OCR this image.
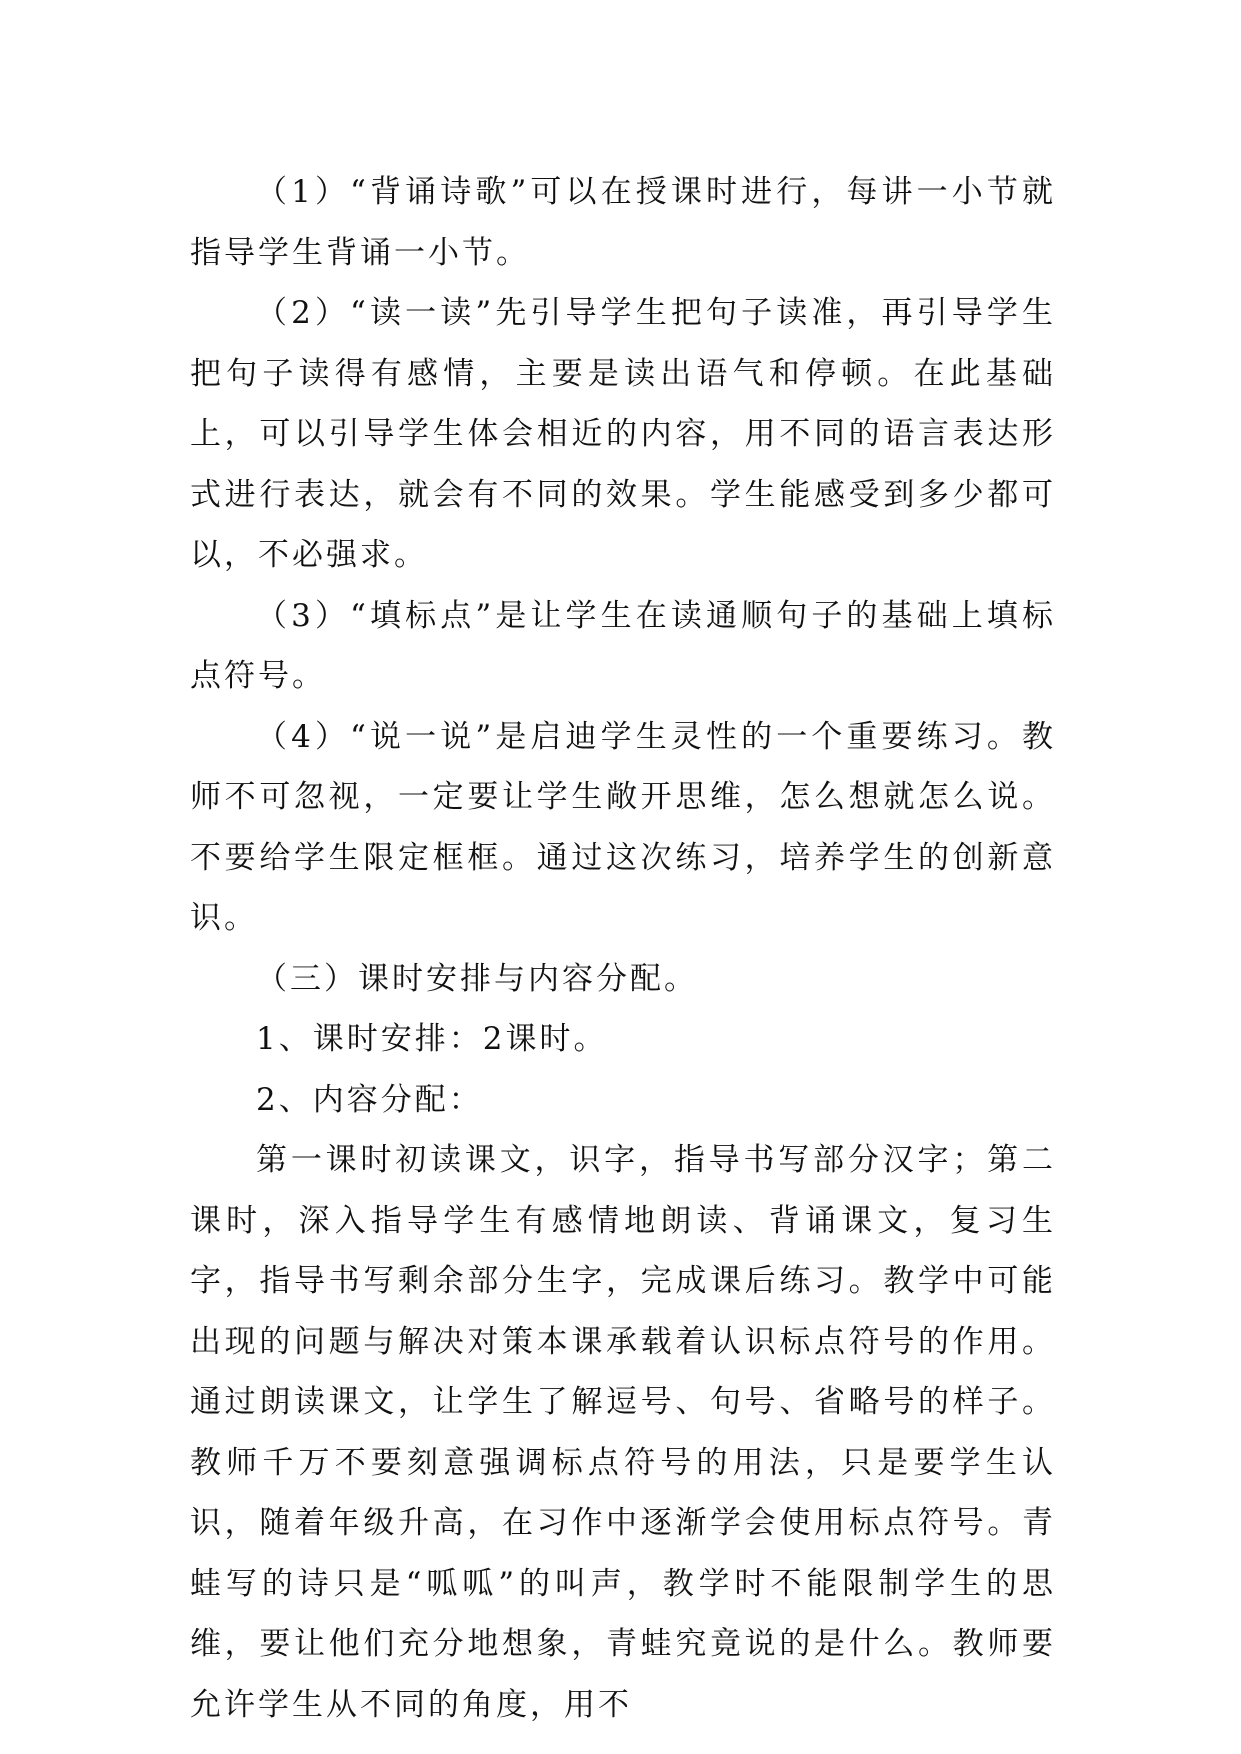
（1）“背诵诗歌”可以在授课时进行，每讲一小节就指导学生背诵一小节。

（2）“读一读”先引导学生把句子读准，再引导学生把句子读得有感情，主要是读出语气和停顿。在此基础上，可以引导学生体会相近的内容，用不同的语言表达形式进行表达，就会有不同的效果。学生能感受到多少都可以，不必强求。

（3）“填标点”是让学生在读通顺句子的基础上填标点符号。

（4）“说一说”是启迪学生灵性的一个重要练习。教师不可忽视，一定要让学生敞开思维，怎么想就怎么说。不要给学生限定框框。通过这次练习，培养学生的创新意识。

（三）课时安排与内容分配。

1、课时安排：2课时。

2、内容分配：

第一课时初读课文，识字，指导书写部分汉字；第二课时，深入指导学生有感情地朗读、背诵课文，复习生字，指导书写剩余部分生字，完成课后练习。教学中可能出现的问题与解决对策本课承载着认识标点符号的作用。通过朗读课文，让学生了解逗号、句号、省略号的样子。教师千万不要刻意强调标点符号的用法，只是要学生认识，随着年级升高，在习作中逐渐学会使用标点符号。青蛙写的诗只是“呱呱”的叫声，教学时不能限制学生的思维，要让他们充分地想象，青蛙究竟说的是什么。教师要允许学生从不同的角度，用不
